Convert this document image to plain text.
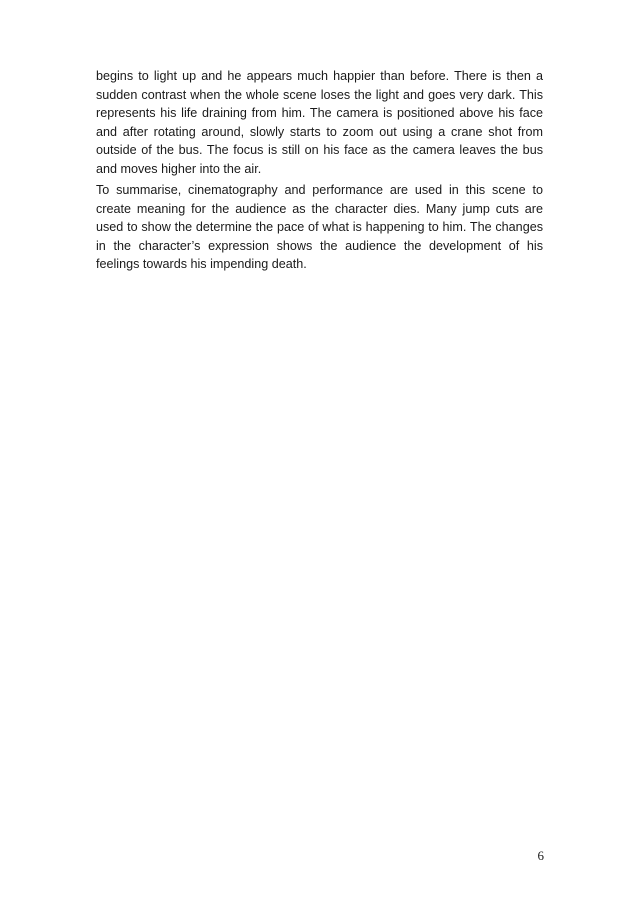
begins to light up and he appears much happier than before. There is then a sudden contrast when the whole scene loses the light and goes very dark. This represents his life draining from him. The camera is positioned above his face and after rotating around, slowly starts to zoom out using a crane shot from outside of the bus. The focus is still on his face as the camera leaves the bus and moves higher into the air.

To summarise, cinematography and performance are used in this scene to create meaning for the audience as the character dies. Many jump cuts are used to show the determine the pace of what is happening to him. The changes in the character’s expression shows the audience the development of his feelings towards his impending death.

6
